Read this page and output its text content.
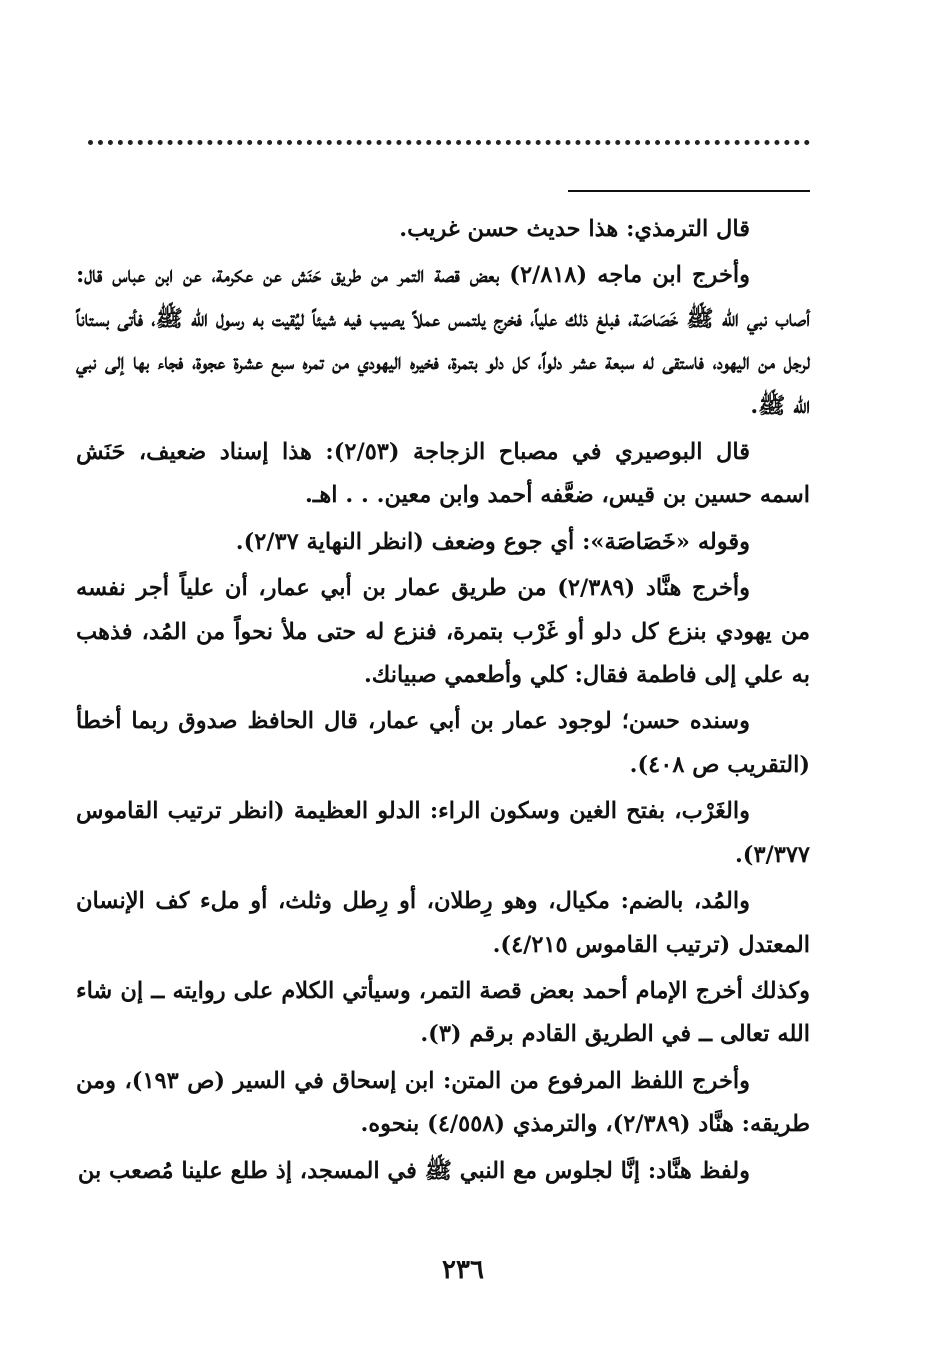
قال الترمذي: هذا حديث حسن غريب.

وأخرج ابن ماجه (٢/٨١٨) بعض قصة التمر من طريق حَنَش عن عكرمة، عن ابن عباس قال: أصاب نبي الله ﷺ خَصَاصَة، فبلغ ذلك علياً، فخرج يلتمس عملاً يصيب فيه شيئاً ليُقيت به رسول الله ﷺ، فأتى بستاناً لرجل من اليهود، فاستقى له سبعة عشر دلواً، كل دلو بتمرة، فخيره اليهودي من تمره سبع عشرة عجوة، فجاء بها إلى نبي الله ﷺ.

قال البوصيري في مصباح الزجاجة (٢/٥٣): هذا إسناد ضعيف، حَنَش اسمه حسين بن قيس، ضعَّفه أحمد وابن معين. . . اهـ.

وقوله «خَصَاصَة»: أي جوع وضعف (انظر النهاية ٢/٣٧).

وأخرج هنَّاد (٢/٣٨٩) من طريق عمار بن أبي عمار، أن علياً أجر نفسه من يهودي بنزع كل دلو أو غَرْب بتمرة، فنزع له حتى ملأ نحواً من المُد، فذهب به علي إلى فاطمة فقال: كلي وأطعمي صبيانك.

وسنده حسن؛ لوجود عمار بن أبي عمار، قال الحافظ صدوق ربما أخطأ (التقريب ص ٤٠٨).

والغَرْب، بفتح الغين وسكون الراء: الدلو العظيمة (انظر ترتيب القاموس ٣/٣٧٧).

والمُد، بالضم: مكيال، وهو رِطلان، أو رِطل وثلث، أو ملء كف الإنسان المعتدل (ترتيب القاموس ٤/٢١٥).

وكذلك أخرج الإمام أحمد بعض قصة التمر، وسيأتي الكلام على روايته ــ إن شاء الله تعالى ــ في الطريق القادم برقم (٣).

وأخرج اللفظ المرفوع من المتن: ابن إسحاق في السير (ص ١٩٣)، ومن طريقه: هنَّاد (٢/٣٨٩)، والترمذي (٤/٥٥٨) بنحوه.

ولفظ هنَّاد: إنَّا لجلوس مع النبي ﷺ في المسجد، إذ طلع علينا مُصعب بن

٢٣٦
